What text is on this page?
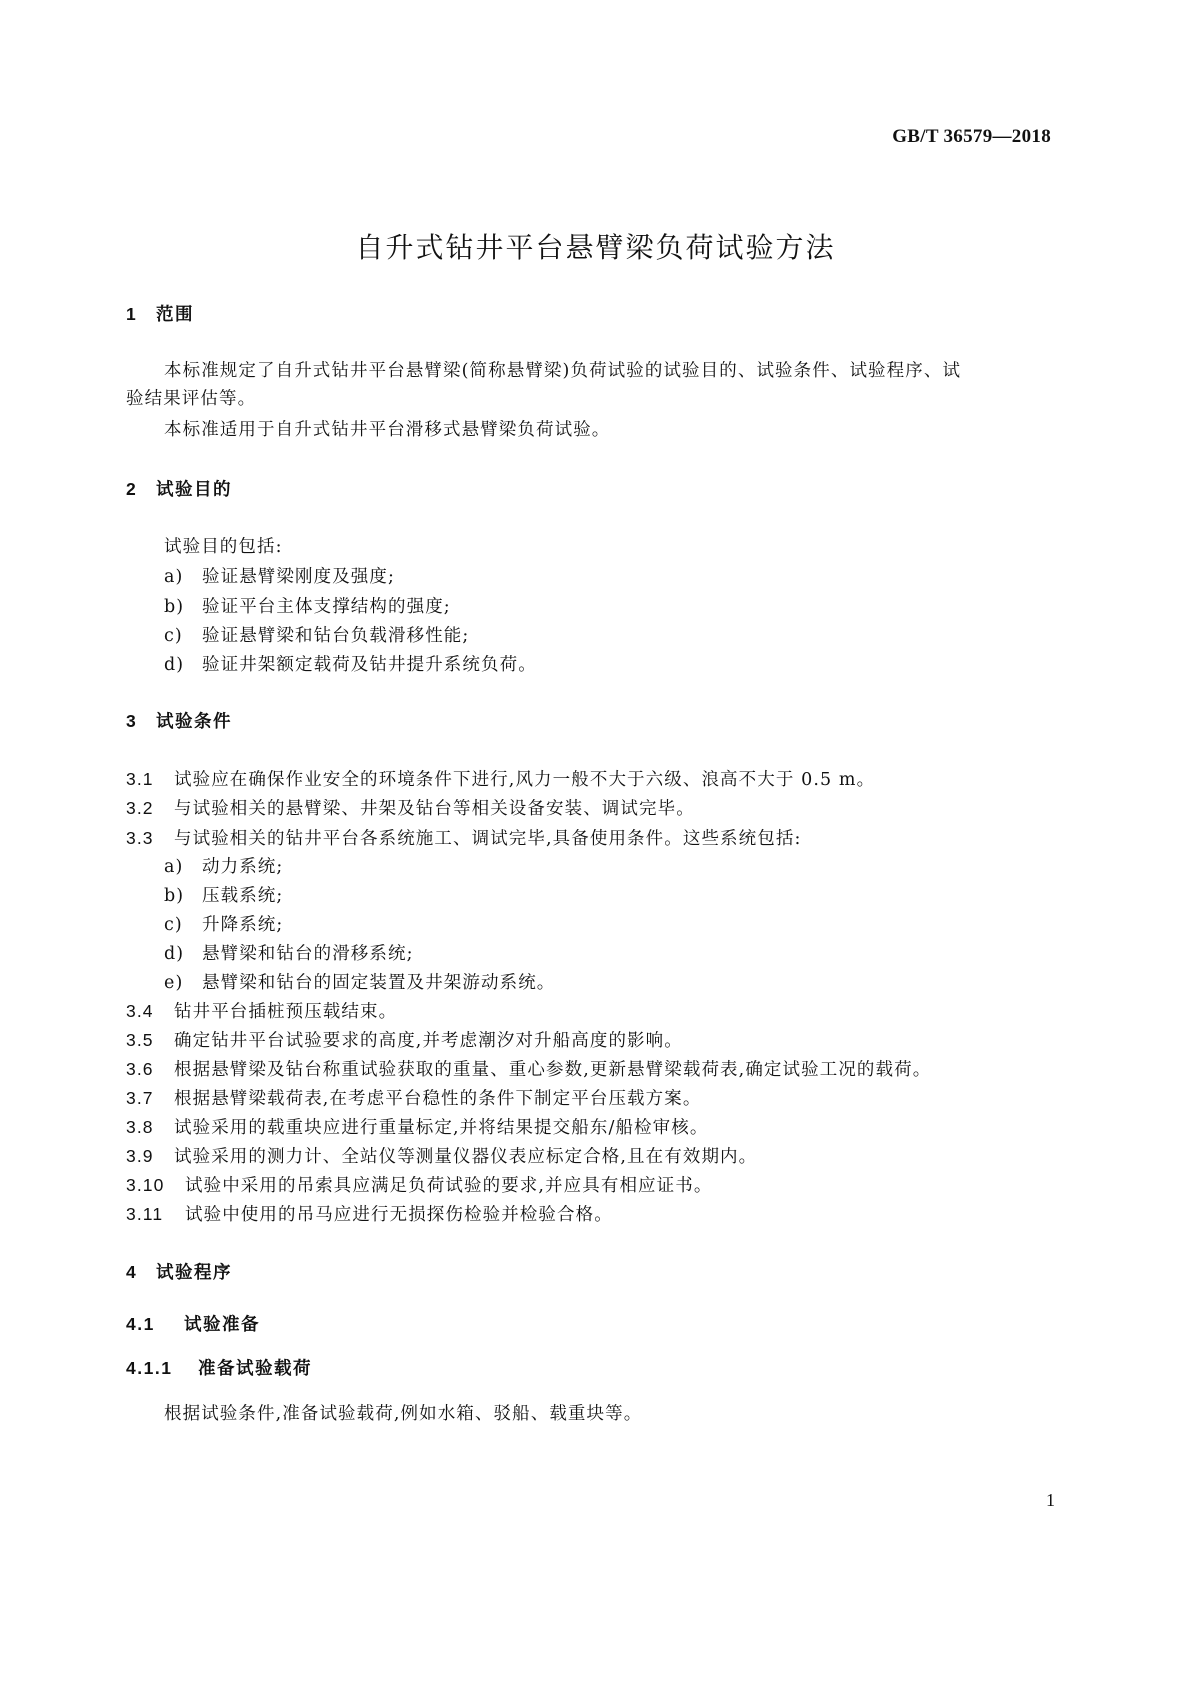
GB/T 36579—2018
自升式钻井平台悬臂梁负荷试验方法
1 范围
本标准规定了自升式钻井平台悬臂梁(简称悬臂梁)负荷试验的试验目的、试验条件、试验程序、试
验结果评估等。
本标准适用于自升式钻井平台滑移式悬臂梁负荷试验。
2 试验目的
试验目的包括:
a) 验证悬臂梁刚度及强度;
b) 验证平台主体支撑结构的强度;
c) 验证悬臂梁和钻台负载滑移性能;
d) 验证井架额定载荷及钻井提升系统负荷。
3 试验条件
3.1 试验应在确保作业安全的环境条件下进行,风力一般不大于六级、浪高不大于 0.5 m。
3.2 与试验相关的悬臂梁、井架及钻台等相关设备安装、调试完毕。
3.3 与试验相关的钻井平台各系统施工、调试完毕,具备使用条件。这些系统包括:
a) 动力系统;
b) 压载系统;
c) 升降系统;
d) 悬臂梁和钻台的滑移系统;
e) 悬臂梁和钻台的固定装置及井架游动系统。
3.4 钻井平台插桩预压载结束。
3.5 确定钻井平台试验要求的高度,并考虑潮汐对升船高度的影响。
3.6 根据悬臂梁及钻台称重试验获取的重量、重心参数,更新悬臂梁载荷表,确定试验工况的载荷。
3.7 根据悬臂梁载荷表,在考虑平台稳性的条件下制定平台压载方案。
3.8 试验采用的载重块应进行重量标定,并将结果提交船东/船检审核。
3.9 试验采用的测力计、全站仪等测量仪器仪表应标定合格,且在有效期内。
3.10 试验中采用的吊索具应满足负荷试验的要求,并应具有相应证书。
3.11 试验中使用的吊马应进行无损探伤检验并检验合格。
4 试验程序
4.1 试验准备
4.1.1 准备试验载荷
根据试验条件,准备试验载荷,例如水箱、驳船、载重块等。
1
